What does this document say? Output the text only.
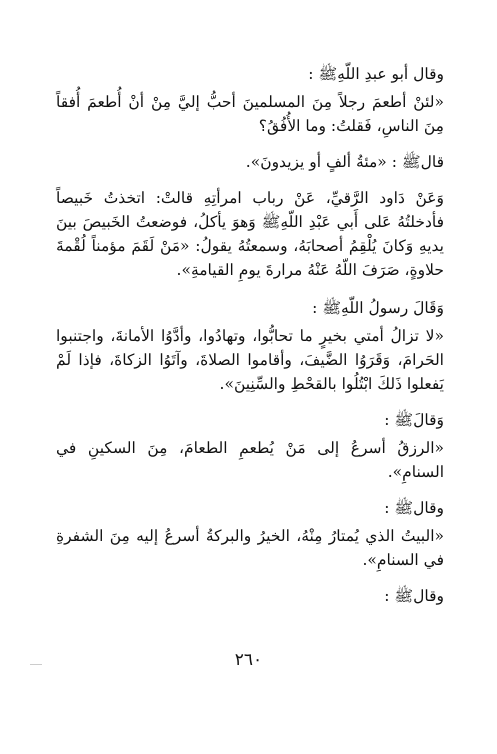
وقال أبو عبدِ اللّهِﷺ :

«لئنْ أطعمَ رجلاً مِنَ المسلمينَ أحبُّ إليَّ مِنْ أنْ أُطعمَ أُفقاً مِنَ الناسِ، فَقلتُ: وما الأُفُقُ؟

قالﷺ : «مئةُ ألفٍ أو يزيدونَ».

وَعَنْ دَاود الرَّقيِّ، عَنْ رباب امرأتِهِ قالتْ: اتخذتُ خَبيصاً فأدخلتُهُ عَلى أَبي عَبْدِ اللّهِﷺ وَهوَ يأكلُ، فوضعتُ الخَبيصَ بينَ يديهِ وَكانَ يُلْقِمُ أصحابَهُ، وسمعتُهُ يقولُ: «مَنْ لَقَمَ مؤمناً لُقْمةَ حلاوةٍ، صَرَفَ اللّهُ عَنْهُ مرارةَ يومِ القيامةِ».

وَقَالَ رسولُ اللّهِﷺ :

«لا تزالُ أمتي بخيرٍ ما تحابُّوا، وتهادُوا، وأدَّوُا الأمانةَ، واجتنبوا الحَرامَ، وَقَرَوُا الضَّيفَ، وأقاموا الصلاةَ، وآتَوُا الزكاةَ، فإذا لَمْ يَفعلوا ذَلكَ ابْتُلُوا بالقحْطِ والسِّنِينَ».

وَقالَﷺ :

«الرزقُ أسرعُ إلى مَنْ يُطعمِ الطعامَ، مِنَ السكينِ في السنامِ».

وقالﷺ :

«البيتُ الذي يُمتارُ مِنْهُ، الخيرُ والبركةُ أسرعُ إليه مِنَ الشفرةِ في السنامِ».

وقالﷺ :

٢٦٠
